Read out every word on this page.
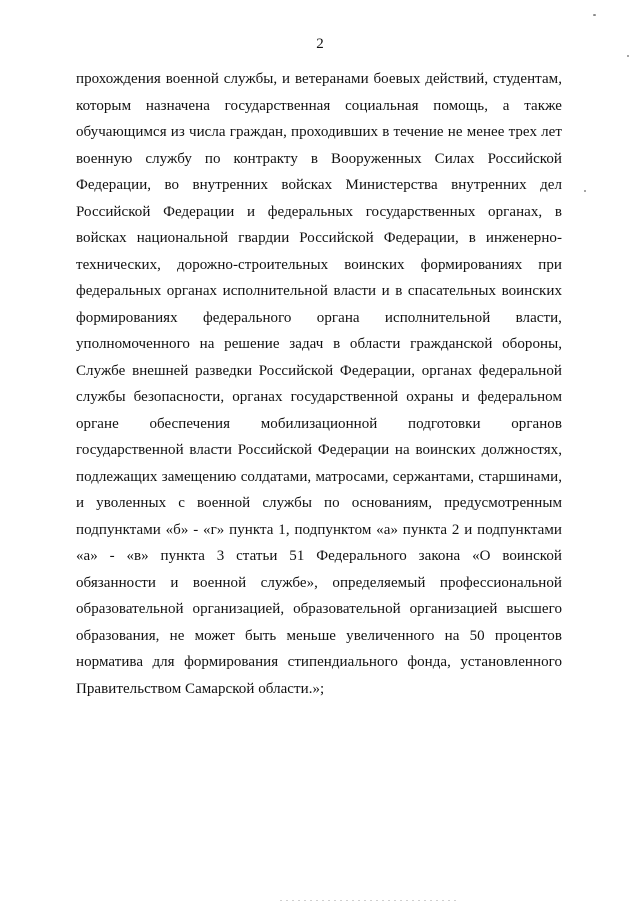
2
прохождения военной службы, и ветеранами боевых действий, студентам,
которым назначена государственная социальная помощь, а также
обучающимся из числа граждан, проходивших в течение не менее трех лет
военную службу по контракту в Вооруженных Силах Российской
Федерации, во внутренних войсках Министерства внутренних дел
Российской Федерации и федеральных государственных органах, в
войсках национальной гвардии Российской Федерации, в инженерно-
технических, дорожно-строительных воинских формированиях при
федеральных органах исполнительной власти и в спасательных воинских
формированиях федерального органа исполнительной власти,
уполномоченного на решение задач в области гражданской обороны,
Службе внешней разведки Российской Федерации, органах федеральной
службы безопасности, органах государственной охраны и федеральном
органе обеспечения мобилизационной подготовки органов
государственной власти Российской Федерации на воинских должностях,
подлежащих замещению солдатами, матросами, сержантами, старшинами,
и уволенных с военной службы по основаниям, предусмотренным
подпунктами «б» - «г» пункта 1, подпунктом «а» пункта 2 и подпунктами
«а» - «в» пункта 3 статьи 51 Федерального закона «О воинской
обязанности и военной службе», определяемый профессиональной
образовательной организацией, образовательной организацией высшего
образования, не может быть меньше увеличенного на 50 процентов
норматива для формирования стипендиального фонда, установленного
Правительством Самарской области.»;
